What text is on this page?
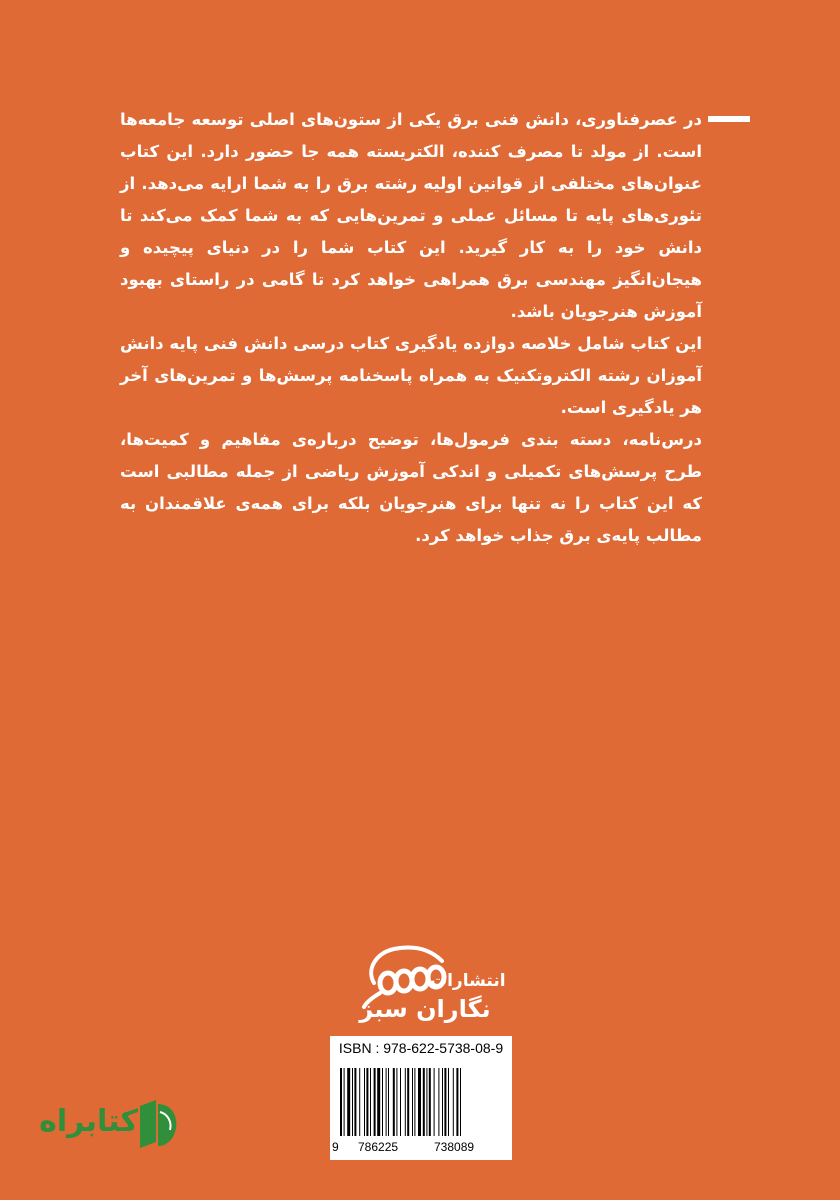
در عصرفناوری، دانش فنی برق یکی از ستون‌های اصلی توسعه جامعه‌ها است. از مولد تا مصرف کننده، الکتریسته همه جا حضور دارد. این کتاب عنوان‌های مختلفی از قوانین اولیه رشته برق را به شما ارایه می‌دهد. از تئوری‌های پایه تا مسائل عملی و تمرین‌هایی که به شما کمک می‌کند تا دانش خود را به کار گیرید. این کتاب شما را در دنیای پیچیده و هیجان‌انگیز مهندسی برق همراهی خواهد کرد تا گامی در راستای بهبود آموزش هنرجویان باشد.

این کتاب شامل خلاصه دوازده یادگیری کتاب درسی دانش فنی پایه دانش آموزان رشته الکتروتکنیک به همراه پاسخنامه پرسش‌ها و تمرین‌های آخر هر یادگیری است.

درس‌نامه، دسته بندی فرمول‌ها، توضیح درباره‌ی مفاهیم و کمیت‌ها، طرح پرسش‌های تکمیلی و اندکی آموزش ریاضی از جمله مطالبی است که این کتاب را نه تنها برای هنرجویان بلکه برای همه‌ی علاقمندان به مطالب پایه‌ی برق جذاب خواهد کرد.

انتشارات
نگاران سبز
ISBN : 978-622-5738-08-9
9 786225	738089
کتابراه
